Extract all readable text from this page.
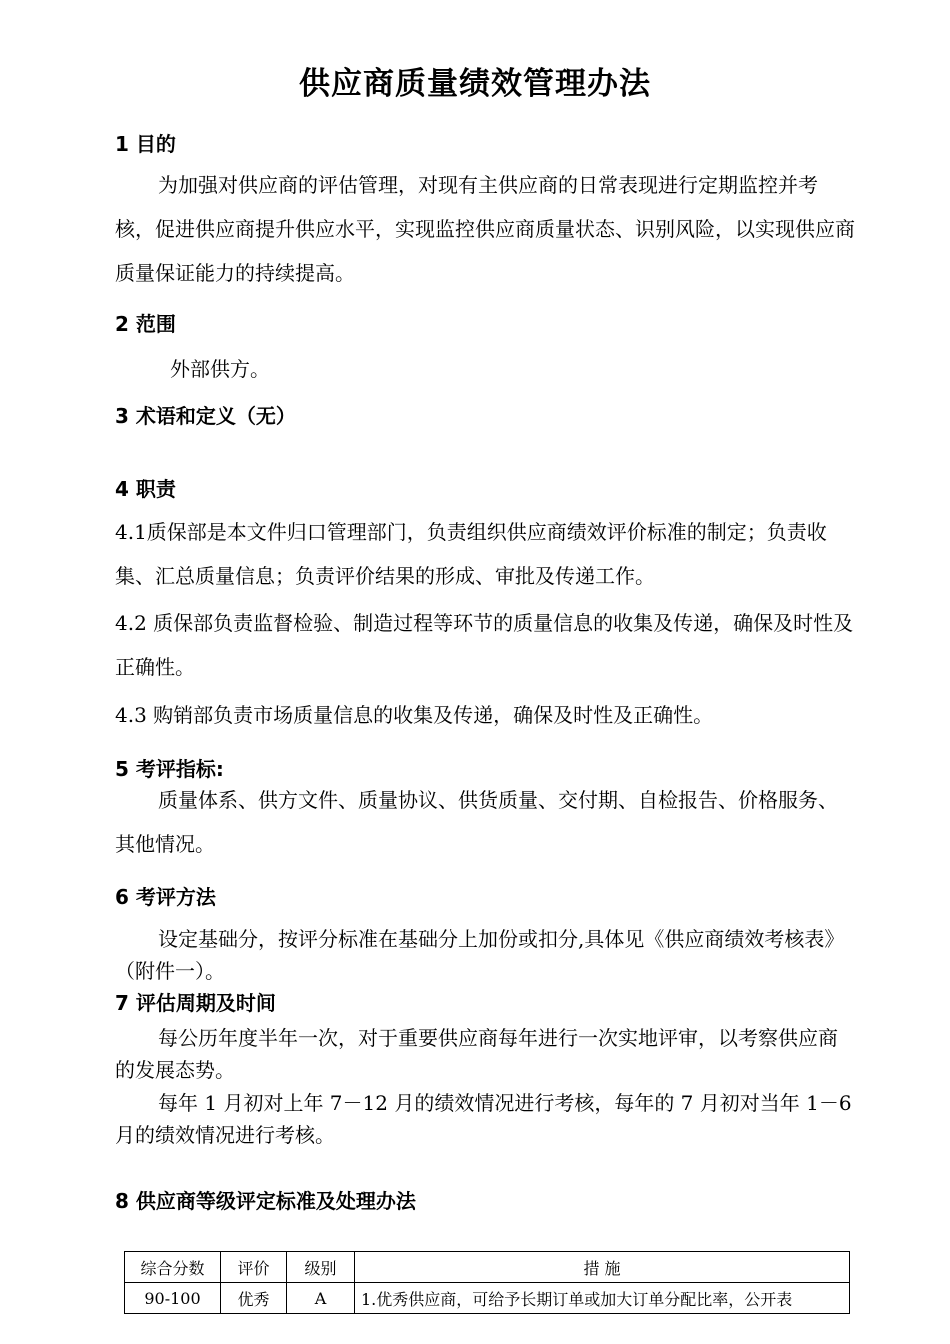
供应商质量绩效管理办法
1 目的
为加强对供应商的评估管理，对现有主供应商的日常表现进行定期监控并考核，促进供应商提升供应水平，实现监控供应商质量状态、识别风险，以实现供应商质量保证能力的持续提高。
2 范围
外部供方。
3 术语和定义（无）
4 职责
4.1质保部是本文件归口管理部门，负责组织供应商绩效评价标准的制定；负责收集、汇总质量信息；负责评价结果的形成、审批及传递工作。
4.2 质保部负责监督检验、制造过程等环节的质量信息的收集及传递，确保及时性及正确性。
4.3 购销部负责市场质量信息的收集及传递，确保及时性及正确性。
5 考评指标:
质量体系、供方文件、质量协议、供货质量、交付期、自检报告、价格服务、其他情况。
6 考评方法
设定基础分，按评分标准在基础分上加份或扣分,具体见《供应商绩效考核表》（附件一）。
7 评估周期及时间
每公历年度半年一次，对于重要供应商每年进行一次实地评审，以考察供应商的发展态势。
每年 1 月初对上年 7－12 月的绩效情况进行考核，每年的 7 月初对当年 1－6 月的绩效情况进行考核。
8 供应商等级评定标准及处理办法
综合分数	评价	级别	措 施
90-100	优秀	A	1.优秀供应商，可给予长期订单或加大订单分配比率，公开表
